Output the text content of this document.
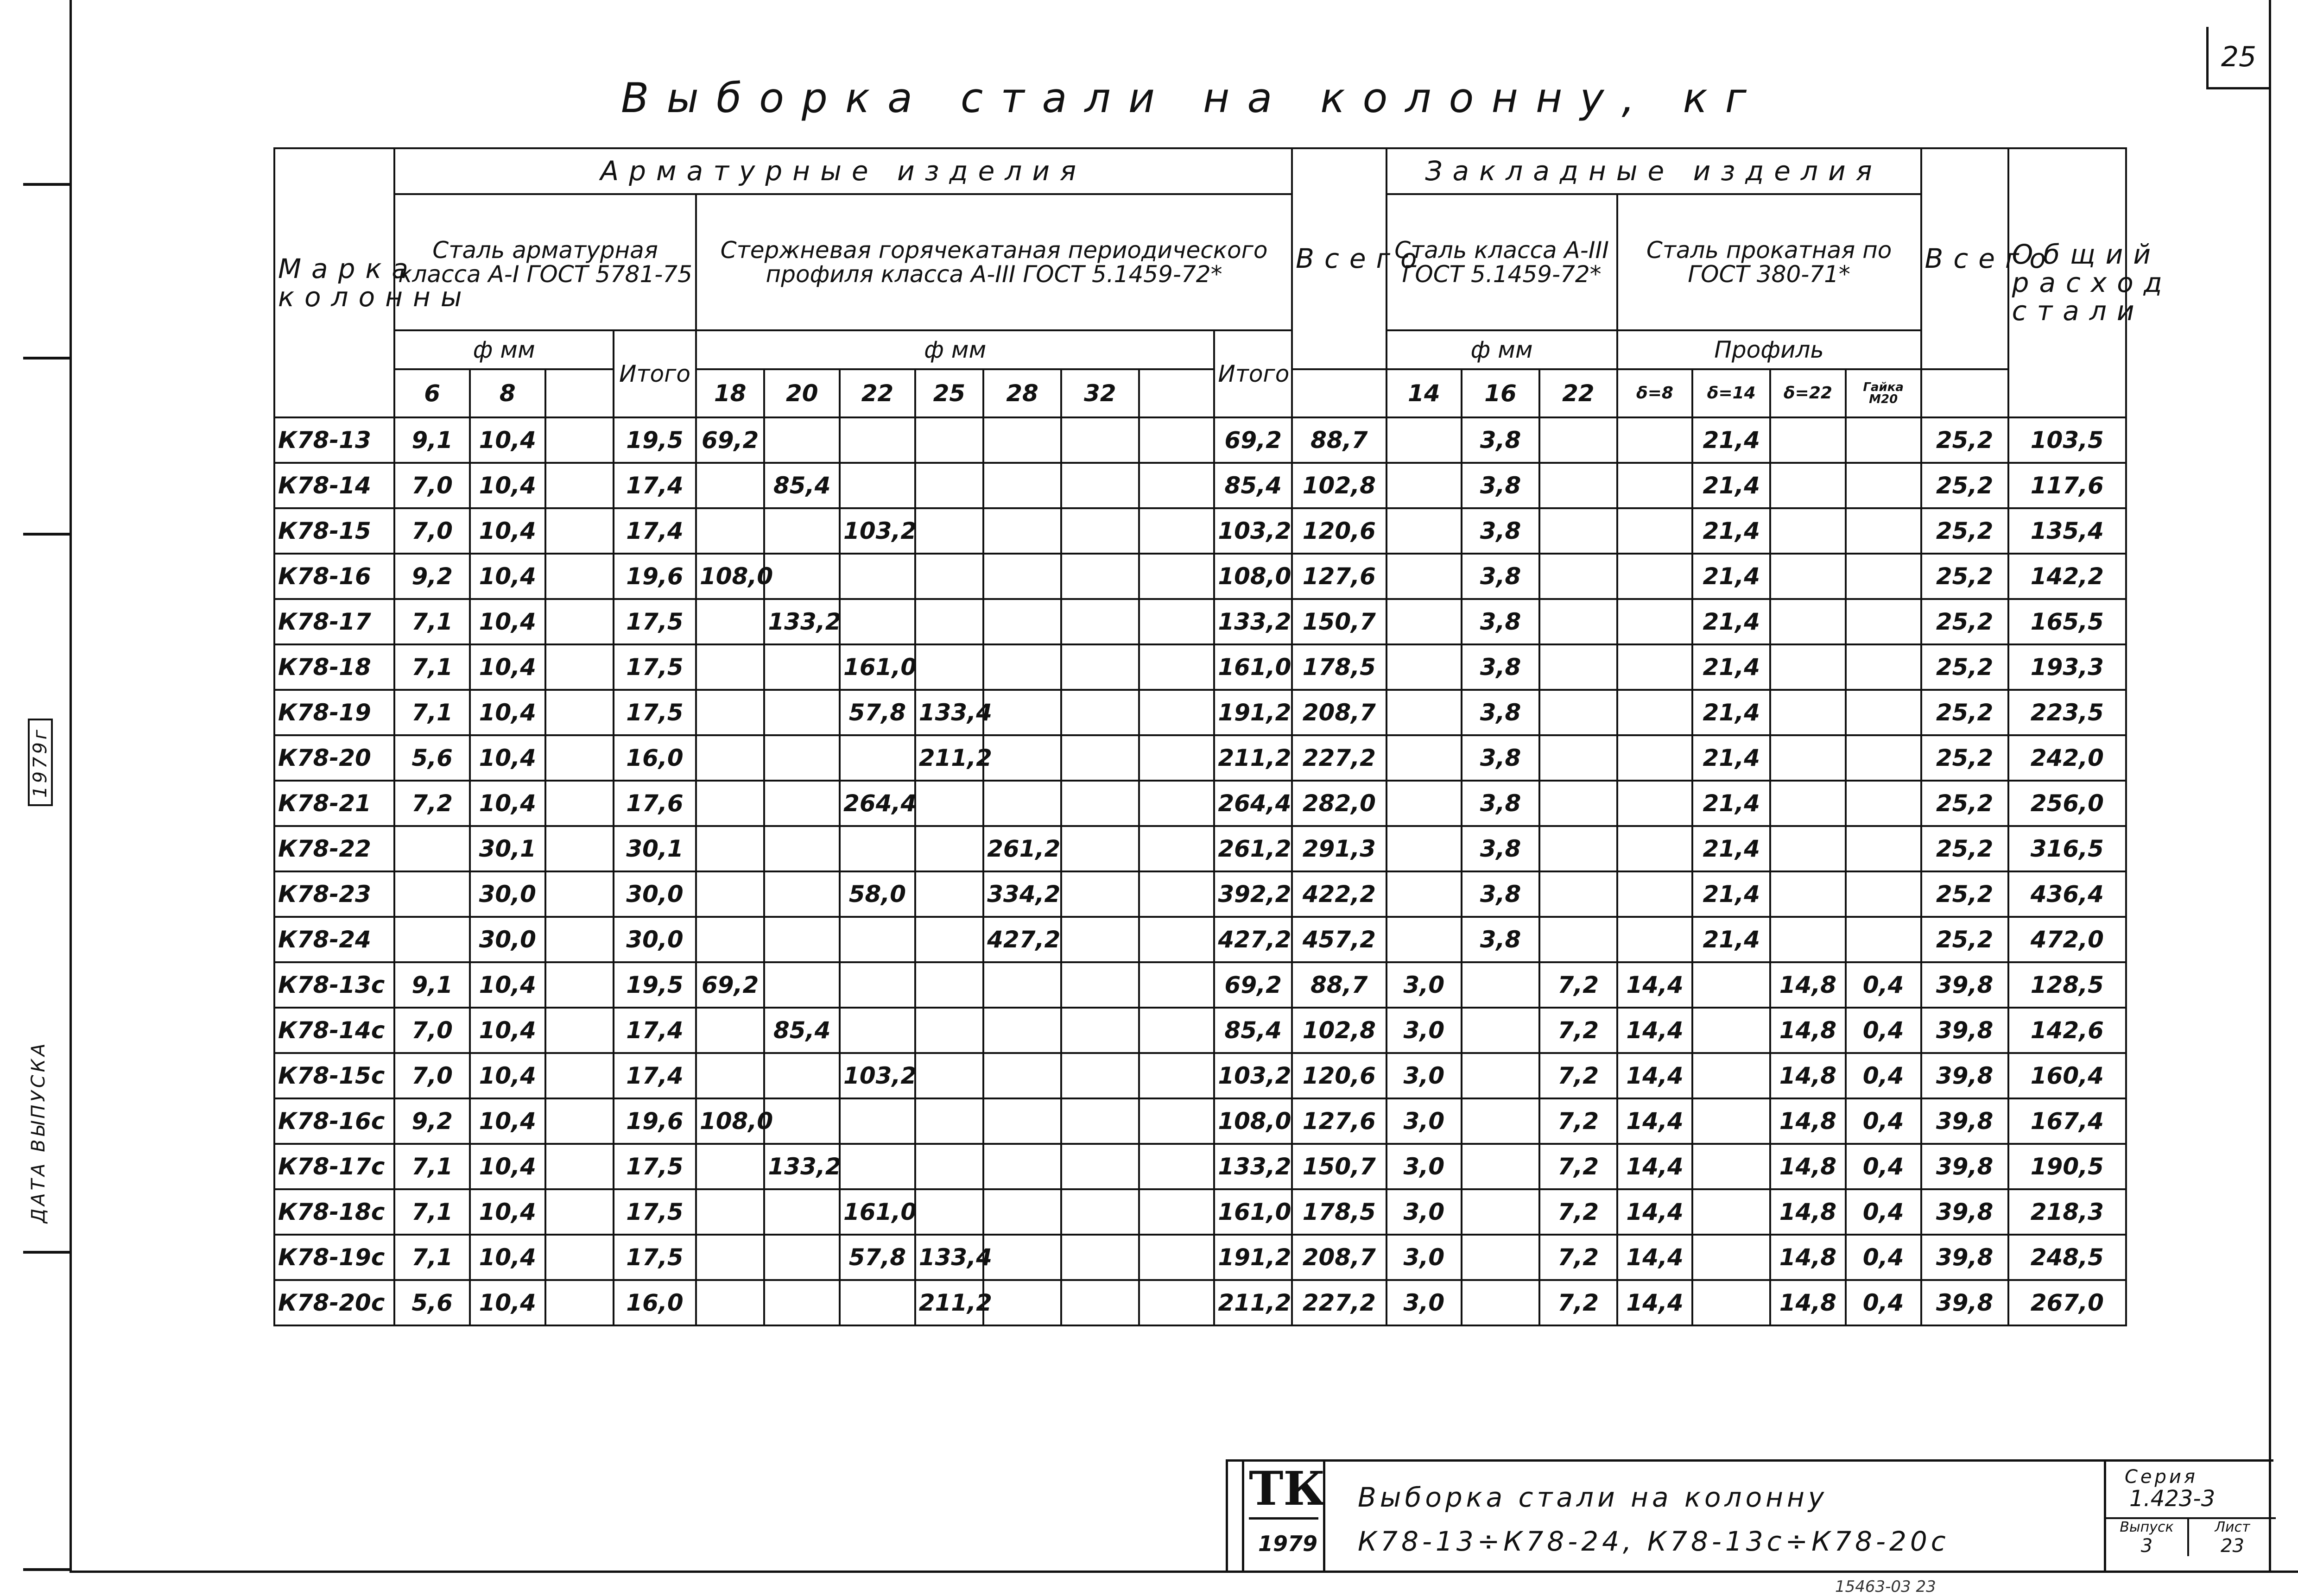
25
ДАТА ВЫПУСКА
1979г
Выборка стали на колонну, кг
Марка колонны	Арматурные изделия												Всего	Закладные изделия							Всего	Общий расход стали
	Сталь арматурная класса А-I ГОСТ 5781-75				Стержневая горячекатаная периодического профиля класса А-III ГОСТ 5.1459-72*									Сталь класса А-III ГОСТ 5.1459-72*			Сталь прокатная по ГОСТ 380-71*					
	ф мм			Итого	ф мм							Итого		ф мм			Профиль					
	6	8			18	20	22	25	28	32				14	16	22	δ=8	δ=14	δ=22	Гайка М20		
К78-13	9,1	10,4		19,5	69,2							69,2	88,7		3,8			21,4			25,2	103,5
К78-14	7,0	10,4		17,4		85,4						85,4	102,8		3,8			21,4			25,2	117,6
К78-15	7,0	10,4		17,4			103,2					103,2	120,6		3,8			21,4			25,2	135,4
К78-16	9,2	10,4		19,6	108,0							108,0	127,6		3,8			21,4			25,2	142,2
К78-17	7,1	10,4		17,5		133,2						133,2	150,7		3,8			21,4			25,2	165,5
К78-18	7,1	10,4		17,5			161,0					161,0	178,5		3,8			21,4			25,2	193,3
К78-19	7,1	10,4		17,5			57,8	133,4				191,2	208,7		3,8			21,4			25,2	223,5
К78-20	5,6	10,4		16,0				211,2				211,2	227,2		3,8			21,4			25,2	242,0
К78-21	7,2	10,4		17,6			264,4					264,4	282,0		3,8			21,4			25,2	256,0
К78-22		30,1		30,1					261,2			261,2	291,3		3,8			21,4			25,2	316,5
К78-23		30,0		30,0			58,0		334,2			392,2	422,2		3,8			21,4			25,2	436,4
К78-24		30,0		30,0					427,2			427,2	457,2		3,8			21,4			25,2	472,0
К78-13с	9,1	10,4		19,5	69,2							69,2	88,7	3,0		7,2	14,4		14,8	0,4	39,8	128,5
К78-14с	7,0	10,4		17,4		85,4						85,4	102,8	3,0		7,2	14,4		14,8	0,4	39,8	142,6
К78-15с	7,0	10,4		17,4			103,2					103,2	120,6	3,0		7,2	14,4		14,8	0,4	39,8	160,4
К78-16с	9,2	10,4		19,6	108,0							108,0	127,6	3,0		7,2	14,4		14,8	0,4	39,8	167,4
К78-17с	7,1	10,4		17,5		133,2						133,2	150,7	3,0		7,2	14,4		14,8	0,4	39,8	190,5
К78-18с	7,1	10,4		17,5			161,0					161,0	178,5	3,0		7,2	14,4		14,8	0,4	39,8	218,3
К78-19с	7,1	10,4		17,5			57,8	133,4				191,2	208,7	3,0		7,2	14,4		14,8	0,4	39,8	248,5
К78-20с	5,6	10,4		16,0				211,2				211,2	227,2	3,0		7,2	14,4		14,8	0,4	39,8	267,0
ТК
1979
Выборка стали на колонну
К78-13÷К78-24, К78-13с÷К78-20с
Серия
1.423-3
Выпуск
3
Лист
23
15463-03 23
